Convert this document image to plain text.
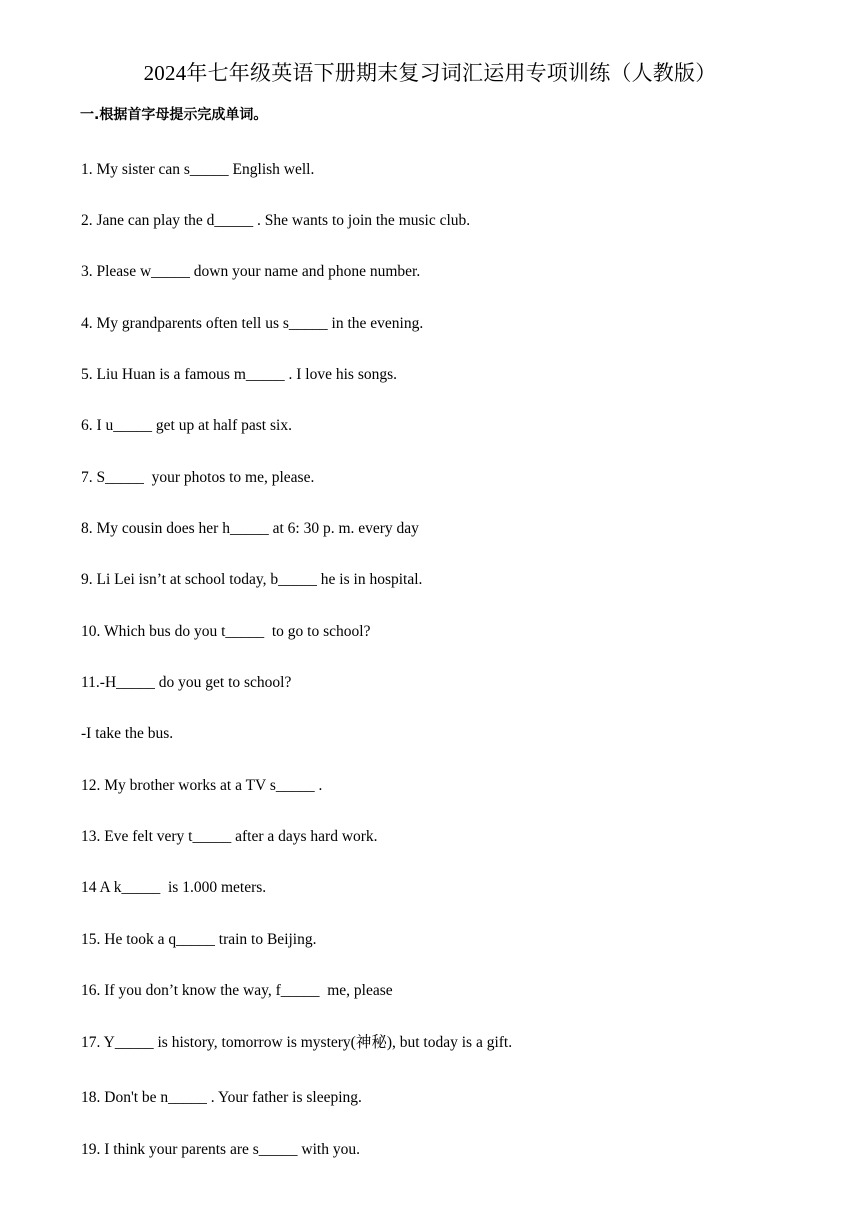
2024年七年级英语下册期末复习词汇运用专项训练（人教版）
一.根据首字母提示完成单词。
1. My sister can s_____ English well.
2. Jane can play the d_____ . She wants to join the music club.
3. Please w_____ down your name and phone number.
4. My grandparents often tell us s_____ in the evening.
5. Liu Huan is a famous m_____ . I love his songs.
6. I u_____ get up at half past six.
7. S_____  your photos to me, please.
8. My cousin does her h_____ at 6: 30 p. m. every day
9. Li Lei isn’t at school today, b_____ he is in hospital.
10. Which bus do you t_____  to go to school?
11.-H_____ do you get to school?
-I take the bus.
12. My brother works at a TV s_____ .
13. Eve felt very t_____ after a days hard work.
14 A k_____  is 1.000 meters.
15. He took a q_____ train to Beijing.
16. If you don’t know the way, f_____  me, please
17. Y_____ is history, tomorrow is mystery(神秘), but today is a gift.
18. Don't be n_____ . Your father is sleeping.
19. I think your parents are s_____ with you.
